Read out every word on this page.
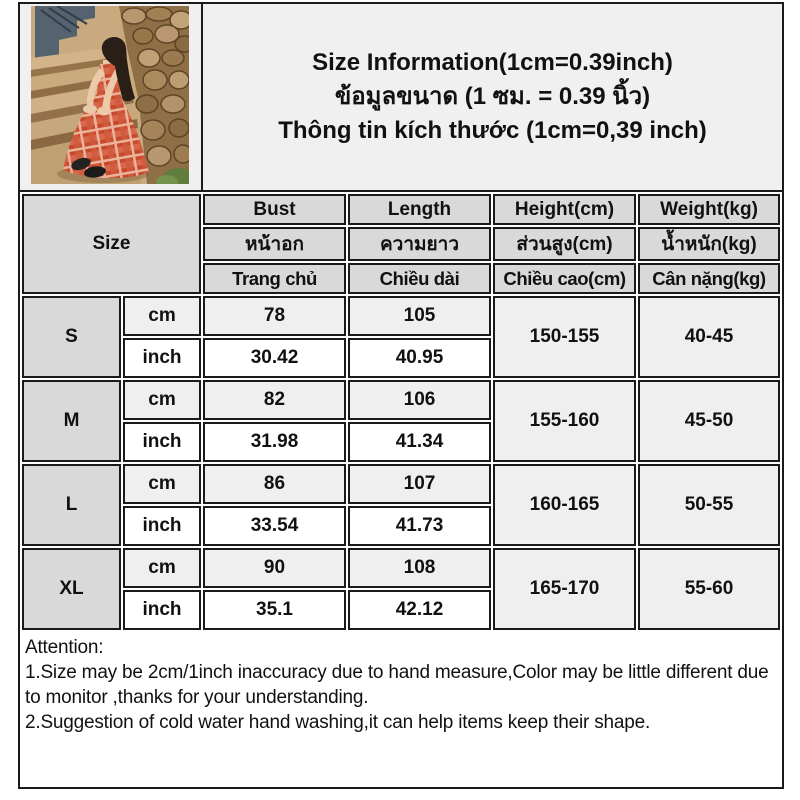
Size Information(1cm=0.39inch)
ข้อมูลขนาด (1 ซม. = 0.39 นิ้ว)
Thông tin kích thước (1cm=0,39 inch)
Size		Bust	Length	Height(cm)	Weight(kg)
		หน้าอก	ความยาว	ส่วนสูง(cm)	น้ำหนัก(kg)
		Trang chủ	Chiều dài	Chiều cao(cm)	Cân nặng(kg)
S	cm	78	105	150-155	40-45
	inch	30.42	40.95		
M	cm	82	106	155-160	45-50
	inch	31.98	41.34		
L	cm	86	107	160-165	50-55
	inch	33.54	41.73		
XL	cm	90	108	165-170	55-60
	inch	35.1	42.12		
Attention:
1.Size may be 2cm/1inch inaccuracy due to hand measure,Color may be little different due to monitor ,thanks for your understanding.
2.Suggestion of cold water hand washing,it can help items keep their shape.
